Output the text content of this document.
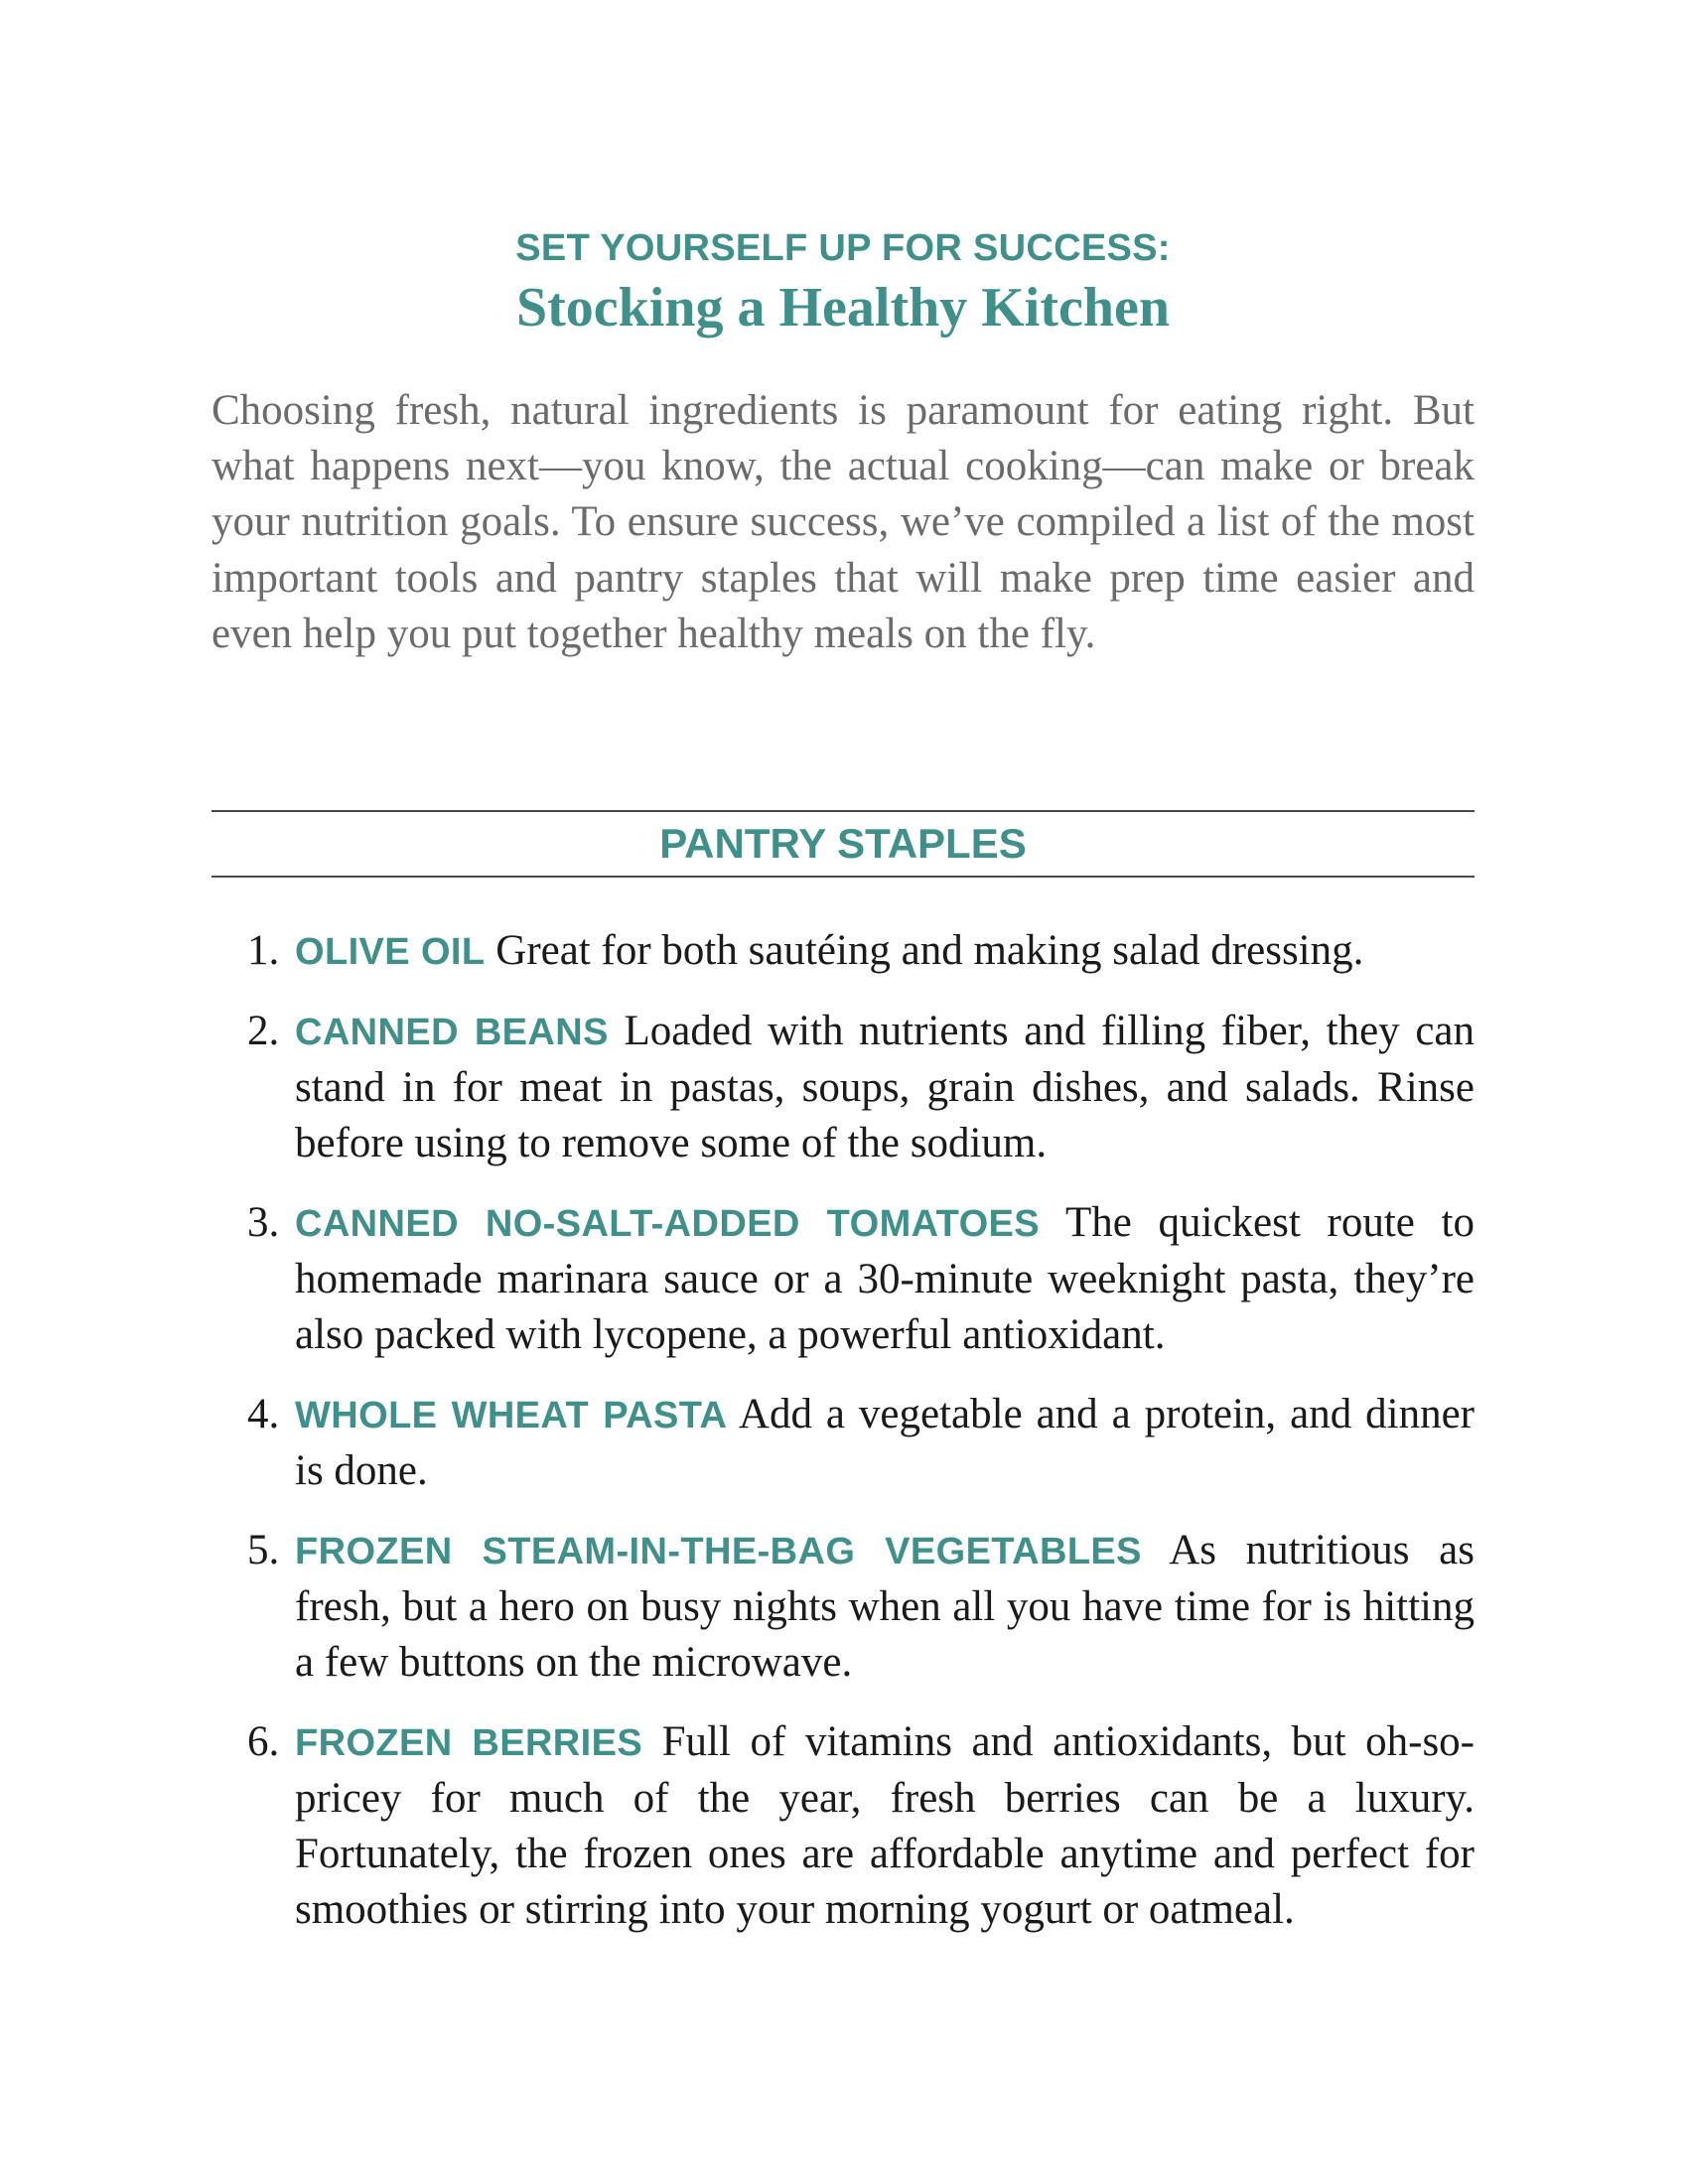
SET YOURSELF UP FOR SUCCESS:
Stocking a Healthy Kitchen

Choosing fresh, natural ingredients is paramount for eating right. But what happens next—you know, the actual cooking—can make or break your nutrition goals. To ensure success, we’ve compiled a list of the most important tools and pantry staples that will make prep time easier and even help you put together healthy meals on the fly.

PANTRY STAPLES
1. OLIVE OIL Great for both sautéing and making salad dressing.
2. CANNED BEANS Loaded with nutrients and filling fiber, they can stand in for meat in pastas, soups, grain dishes, and salads. Rinse before using to remove some of the sodium.
3. CANNED NO-SALT-ADDED TOMATOES The quickest route to homemade marinara sauce or a 30-minute weeknight pasta, they’re also packed with lycopene, a powerful antioxidant.
4. WHOLE WHEAT PASTA Add a vegetable and a protein, and dinner is done.
5. FROZEN STEAM-IN-THE-BAG VEGETABLES As nutritious as fresh, but a hero on busy nights when all you have time for is hitting a few buttons on the microwave.
6. FROZEN BERRIES Full of vitamins and antioxidants, but oh-so-pricey for much of the year, fresh berries can be a luxury. Fortunately, the frozen ones are affordable anytime and perfect for smoothies or stirring into your morning yogurt or oatmeal.
